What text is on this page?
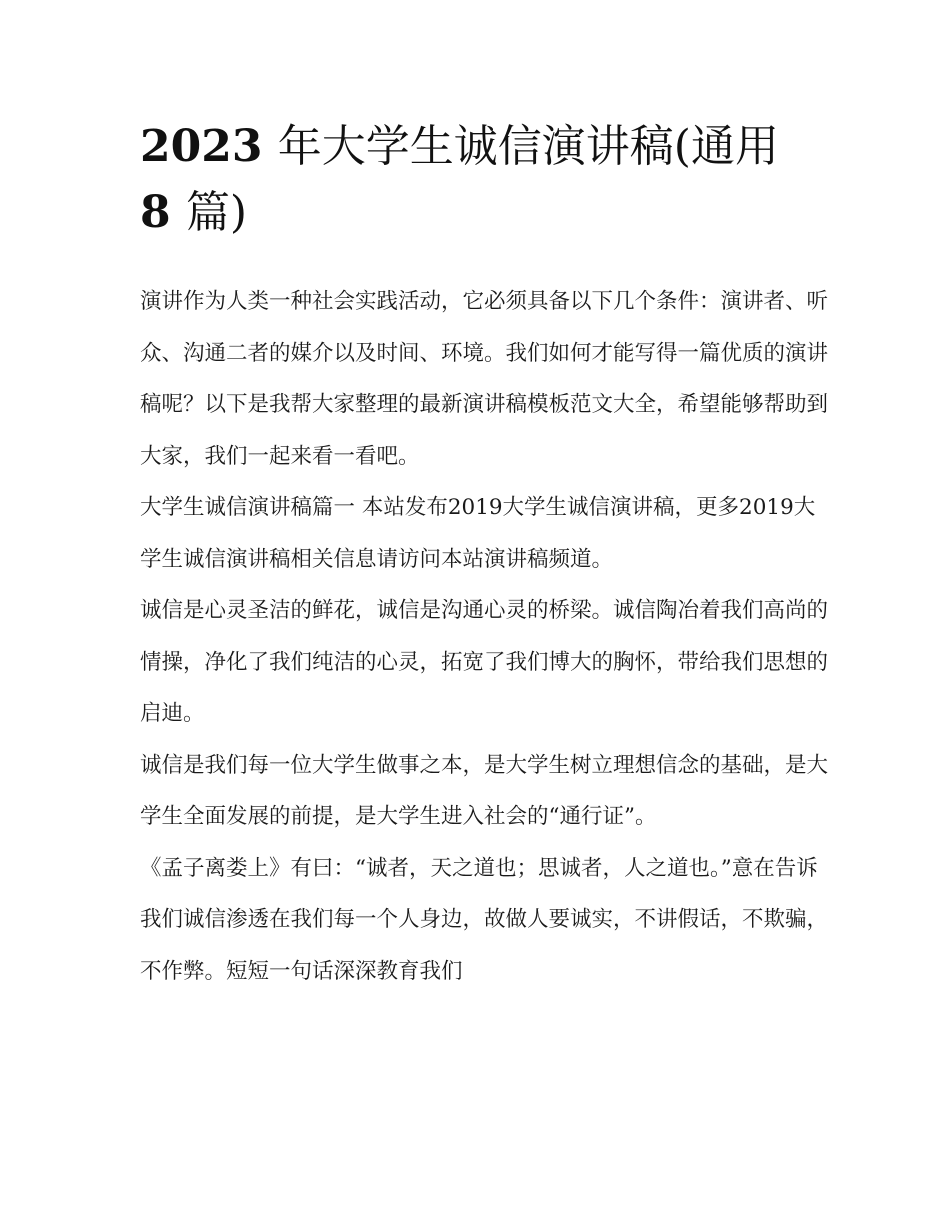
2023 年大学生诚信演讲稿(通用 8 篇)

演讲作为人类一种社会实践活动，它必须具备以下几个条件：演讲者、听众、沟通二者的媒介以及时间、环境。我们如何才能写得一篇优质的演讲稿呢？以下是我帮大家整理的最新演讲稿模板范文大全，希望能够帮助到大家，我们一起来看一看吧。

大学生诚信演讲稿篇一 本站发布2019大学生诚信演讲稿，更多2019大学生诚信演讲稿相关信息请访问本站演讲稿频道。

诚信是心灵圣洁的鲜花，诚信是沟通心灵的桥梁。诚信陶冶着我们高尚的 情操，净化了我们纯洁的心灵，拓宽了我们博大的胸怀，带给我们思想的启迪。

诚信是我们每一位大学生做事之本，是大学生树立理想信念的基础，是大学生全面发展的前提，是大学生进入社会的“通行证”。

《孟子离娄上》有曰：“诚者，天之道也；思诚者，人之道也。”意在告诉我们诚信渗透在我们每一个人身边，故做人要诚实，不讲假话，不欺骗，不作弊。短短一句话深深教育我们
